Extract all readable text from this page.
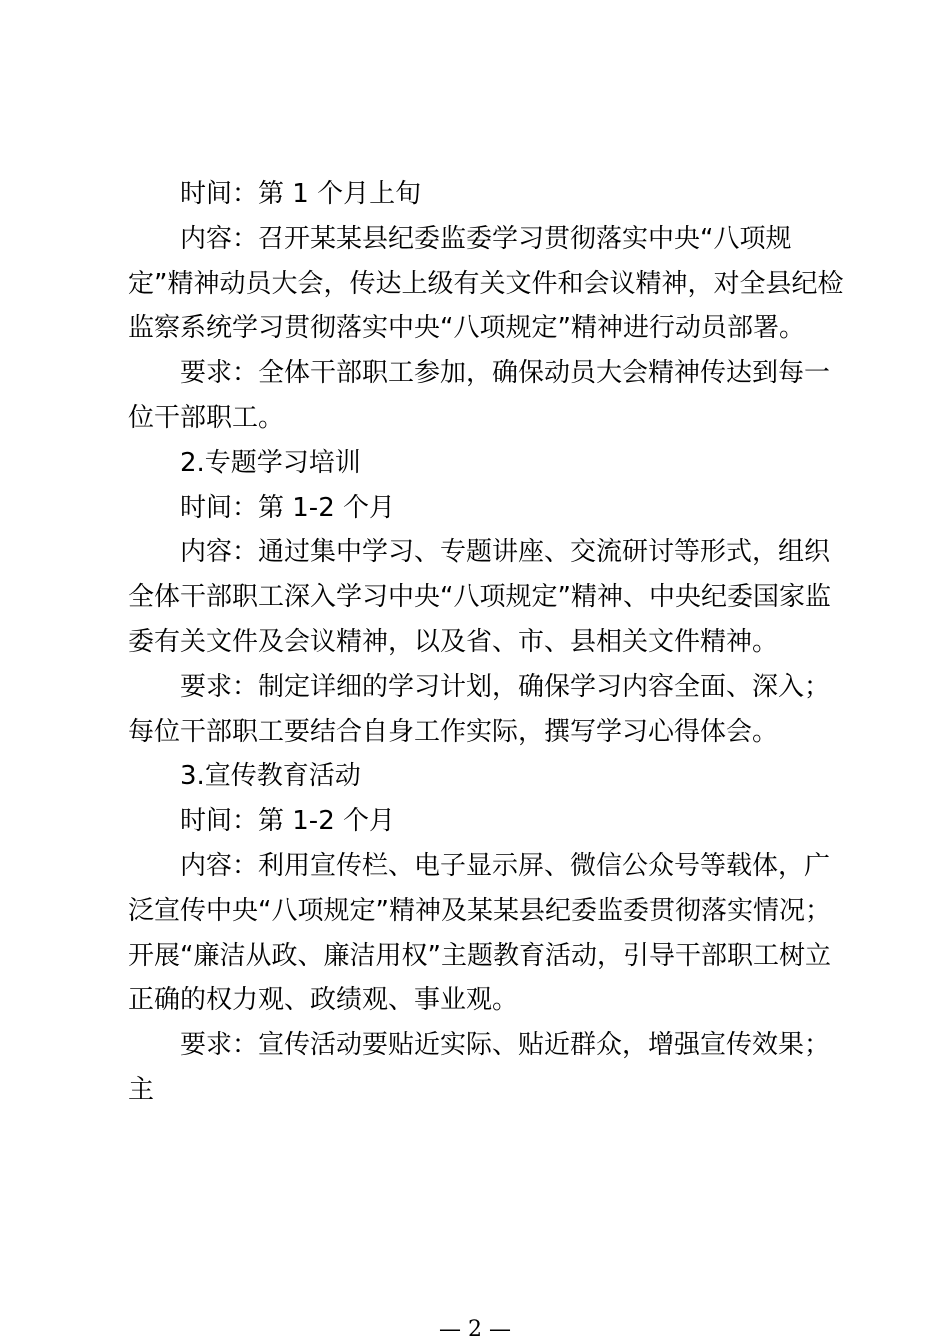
时间：第 1 个月上旬
内容：召开某某县纪委监委学习贯彻落实中央“八项规
定”精神动员大会，传达上级有关文件和会议精神，对全县纪检
监察系统学习贯彻落实中央“八项规定”精神进行动员部署。
要求：全体干部职工参加，确保动员大会精神传达到每一
位干部职工。
2.专题学习培训
时间：第 1-2 个月
内容：通过集中学习、专题讲座、交流研讨等形式，组织
全体干部职工深入学习中央“八项规定”精神、中央纪委国家监
委有关文件及会议精神，以及省、市、县相关文件精神。
要求：制定详细的学习计划，确保学习内容全面、深入；
每位干部职工要结合自身工作实际，撰写学习心得体会。
3.宣传教育活动
时间：第 1-2 个月
内容：利用宣传栏、电子显示屏、微信公众号等载体，广
泛宣传中央“八项规定”精神及某某县纪委监委贯彻落实情况；
开展“廉洁从政、廉洁用权”主题教育活动，引导干部职工树立
正确的权力观、政绩观、事业观。
要求：宣传活动要贴近实际、贴近群众，增强宣传效果；
主
— 2 —
